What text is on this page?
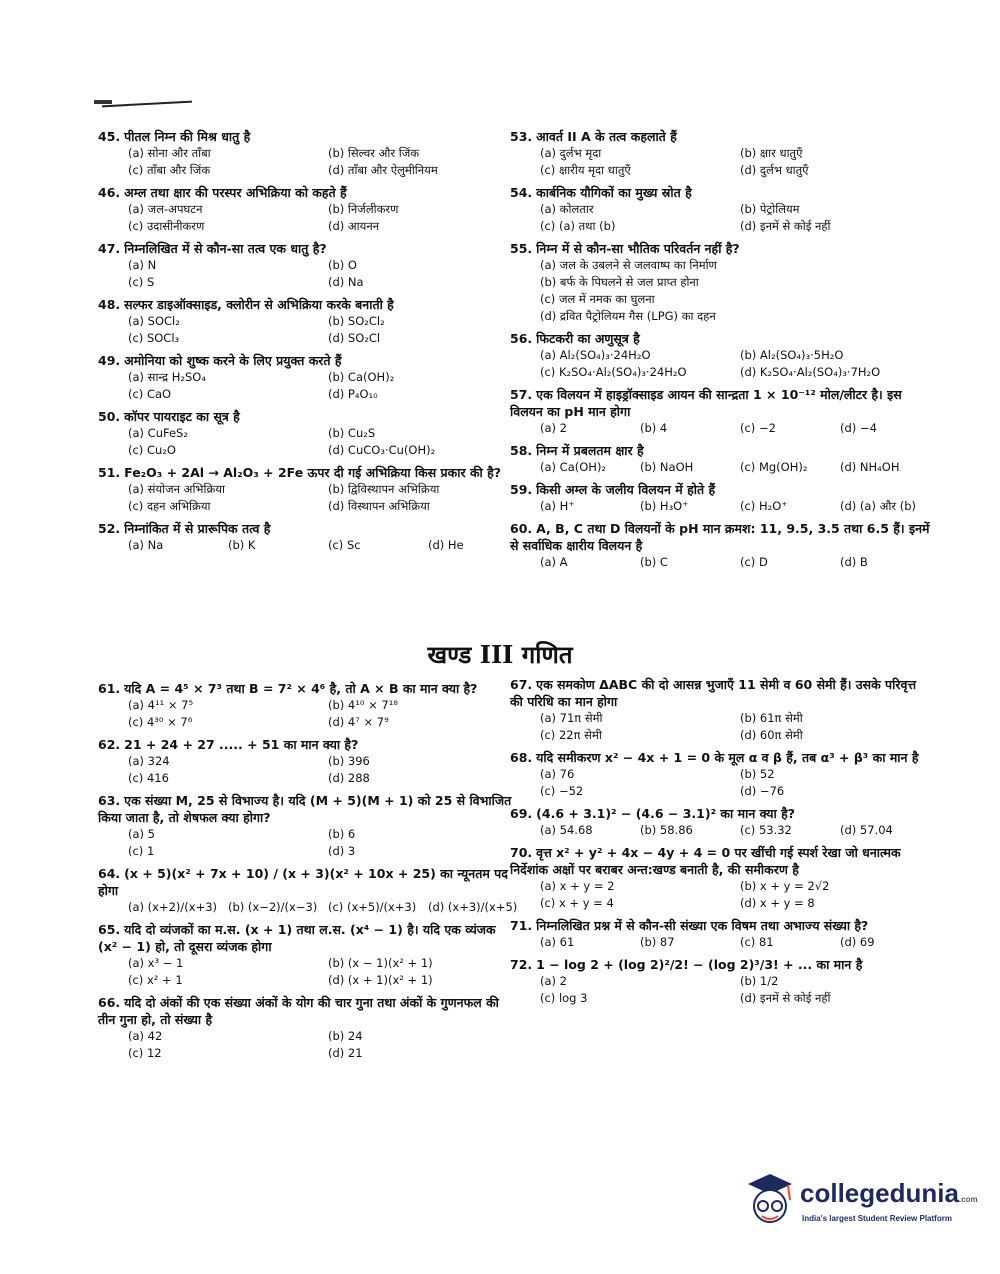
45. पीतल निम्न की मिश्र धातु है
(a) सोना और ताँबा	(b) सिल्वर और जिंक
(c) ताँबा और जिंक	(d) ताँबा और ऐलुमीनियम
46. अम्ल तथा क्षार की परस्पर अभिक्रिया को कहते हैं
(a) जल-अपघटन	(b) निर्जलीकरण
(c) उदासीनीकरण	(d) आयनन
47. निम्नलिखित में से कौन-सा तत्व एक धातु है?
(a) N	(b) O
(c) S	(d) Na
48. सल्फर डाइऑक्साइड, क्लोरीन से अभिक्रिया करके बनाती है
(a) SOCl₂	(b) SO₂Cl₂
(c) SOCl₃	(d) SO₂Cl
49. अमोनिया को शुष्क करने के लिए प्रयुक्त करते हैं
(a) सान्द्र H₂SO₄	(b) Ca(OH)₂
(c) CaO	(d) P₄O₁₀
50. कॉपर पायराइट का सूत्र है
(a) CuFeS₂	(b) Cu₂S
(c) Cu₂O	(d) CuCO₃·Cu(OH)₂
51. Fe₂O₃ + 2Al → Al₂O₃ + 2Fe ऊपर दी गई अभिक्रिया किस प्रकार की है?
(a) संयोजन अभिक्रिया	(b) द्विविस्थापन अभिक्रिया
(c) दहन अभिक्रिया	(d) विस्थापन अभिक्रिया
52. निम्नांकित में से प्रारूपिक तत्व है
(a) Na	(b) K	(c) Sc	(d) He
53. आवर्त II A के तत्व कहलाते हैं
(a) दुर्लभ मृदा	(b) क्षार धातुएँ
(c) क्षारीय मृदा धातुएँ	(d) दुर्लभ धातुएँ
54. कार्बनिक यौगिकों का मुख्य स्रोत है
(a) कोलतार	(b) पेट्रोलियम
(c) (a) तथा (b)	(d) इनमें से कोई नहीं
55. निम्न में से कौन-सा भौतिक परिवर्तन नहीं है?
(a) जल के उबलने से जलवाष्प का निर्माण
(b) बर्फ के पिघलने से जल प्राप्त होना
(c) जल में नमक का घुलना
(d) द्रवित पैट्रोलियम गैस (LPG) का दहन
56. फिटकरी का अणुसूत्र है
(a) Al₂(SO₄)₃·24H₂O	(b) Al₂(SO₄)₃·5H₂O
(c) K₂SO₄·Al₂(SO₄)₃·24H₂O	(d) K₂SO₄·Al₂(SO₄)₃·7H₂O
57. एक विलयन में हाइड्रॉक्साइड आयन की सान्द्रता 1 × 10⁻¹² मोल/लीटर है। इस विलयन का pH मान होगा
(a) 2	(b) 4	(c) −2	(d) −4
58. निम्न में प्रबलतम क्षार है
(a) Ca(OH)₂	(b) NaOH	(c) Mg(OH)₂	(d) NH₄OH
59. किसी अम्ल के जलीय विलयन में होते हैं
(a) H⁺	(b) H₃O⁺	(c) H₂O⁺	(d) (a) और (b)
60. A, B, C तथा D विलयनों के pH मान क्रमश: 11, 9.5, 3.5 तथा 6.5 हैं। इनमें से सर्वाधिक क्षारीय विलयन है
(a) A	(b) C	(c) D	(d) B
खण्ड III गणित
61. यदि A = 4⁵ × 7³ तथा B = 7² × 4⁶ है, तो A × B का मान क्या है?
(a) 4¹¹ × 7⁵	(b) 4¹⁰ × 7¹⁸
(c) 4³⁰ × 7⁶	(d) 4⁷ × 7⁹
62. 21 + 24 + 27 ..... + 51 का मान क्या है?
(a) 324	(b) 396
(c) 416	(d) 288
63. एक संख्या M, 25 से विभाज्य है। यदि (M + 5)(M + 1) को 25 से विभाजित किया जाता है, तो शेषफल क्या होगा?
(a) 5	(b) 6
(c) 1	(d) 3
64. (x + 5)(x² + 7x + 10) / (x + 3)(x² + 10x + 25) का न्यूनतम पद होगा
(a) (x+2)/(x+3) (b) (x−2)/(x−3) (c) (x+5)/(x+3) (d) (x+3)/(x+5)
65. यदि दो व्यंजकों का म.स. (x + 1) तथा ल.स. (x⁴ − 1) है। यदि एक व्यंजक (x² − 1) हो, तो दूसरा व्यंजक होगा
(a) x³ − 1	(b) (x − 1)(x² + 1)
(c) x² + 1	(d) (x + 1)(x² + 1)
66. यदि दो अंकों की एक संख्या अंकों के योग की चार गुना तथा अंकों के गुणनफल की तीन गुना हो, तो संख्या है
(a) 42	(b) 24
(c) 12	(d) 21
67. एक समकोण ΔABC की दो आसन्न भुजाएँ 11 सेमी व 60 सेमी हैं। उसके परिवृत्त की परिधि का मान होगा
(a) 71π सेमी	(b) 61π सेमी
(c) 22π सेमी	(d) 60π सेमी
68. यदि समीकरण x² − 4x + 1 = 0 के मूल α व β हैं, तब α³ + β³ का मान है
(a) 76	(b) 52
(c) −52	(d) −76
69. (4.6 + 3.1)² − (4.6 − 3.1)² का मान क्या है?
(a) 54.68	(b) 58.86	(c) 53.32	(d) 57.04
70. वृत्त x² + y² + 4x − 4y + 4 = 0 पर खींची गई स्पर्श रेखा जो धनात्मक निर्देशांक अक्षों पर बराबर अन्त:खण्ड बनाती है, की समीकरण है
(a) x + y = 2	(b) x + y = 2√2
(c) x + y = 4	(d) x + y = 8
71. निम्नलिखित प्रश्न में से कौन-सी संख्या एक विषम तथा अभाज्य संख्या है?
(a) 61	(b) 87	(c) 81	(d) 69
72. 1 − log 2 + (log 2)²/2! − (log 2)³/3! + ... का मान है
(a) 2	(b) 1/2
(c) log 3	(d) इनमें से कोई नहीं
collegedunia.com
India's largest Student Review Platform
